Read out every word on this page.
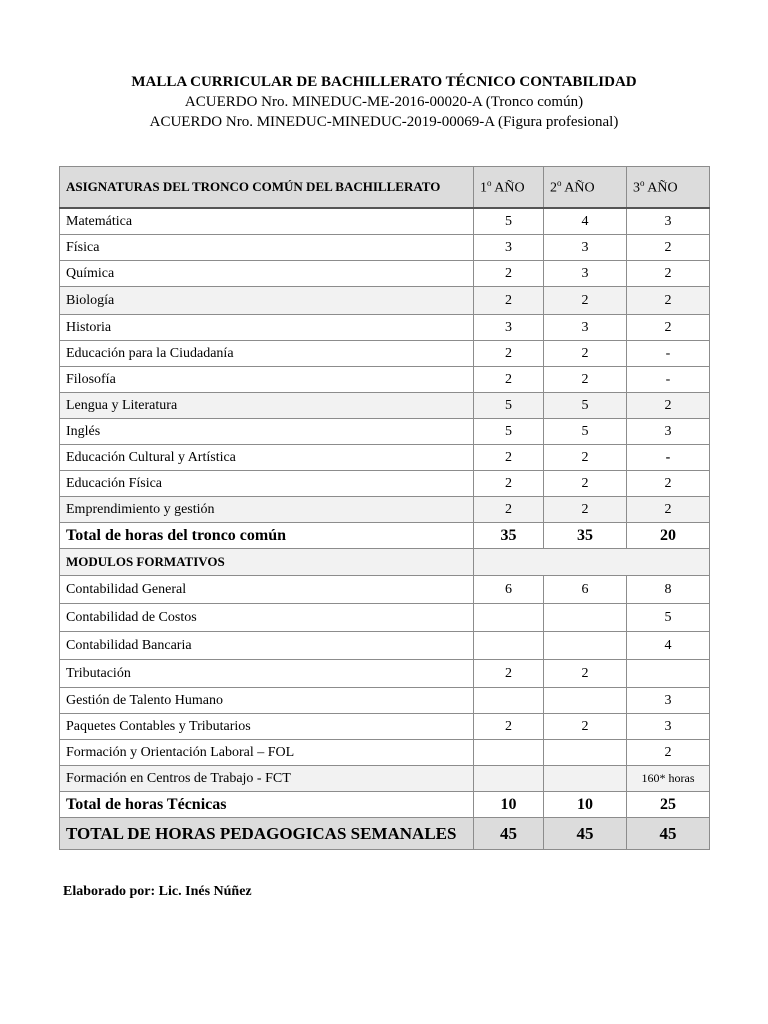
MALLA CURRICULAR DE BACHILLERATO TÉCNICO CONTABILIDAD
ACUERDO Nro. MINEDUC-ME-2016-00020-A (Tronco común)
ACUERDO Nro. MINEDUC-MINEDUC-2019-00069-A (Figura profesional)
ASIGNATURAS DEL TRONCO COMÚN DEL BACHILLERATO	1$^o$ AÑO	2$^o$ AÑO	3$^o$ AÑO
Matemática	5	4	3
Física	3	3	2
Química	2	3	2
Biología	2	2	2
Historia	3	3	2
Educación para la Ciudadanía	2	2	-
Filosofía	2	2	-
Lengua y Literatura	5	5	2
Inglés	5	5	3
Educación Cultural y Artística	2	2	-
Educación Física	2	2	2
Emprendimiento y gestión	2	2	2
Total de horas del tronco común	35	35	20
MODULOS FORMATIVOS			
Contabilidad General	6	6	8
Contabilidad de Costos			5
Contabilidad Bancaria			4
Tributación	2	2	
Gestión de Talento Humano			3
Paquetes Contables y Tributarios	2	2	3
Formación y Orientación Laboral – FOL			2
Formación en Centros de Trabajo - FCT			160* horas
Total de horas Técnicas	10	10	25
TOTAL DE HORAS PEDAGOGICAS SEMANALES	45	45	45
Elaborado por: Lic. Inés Núñez
